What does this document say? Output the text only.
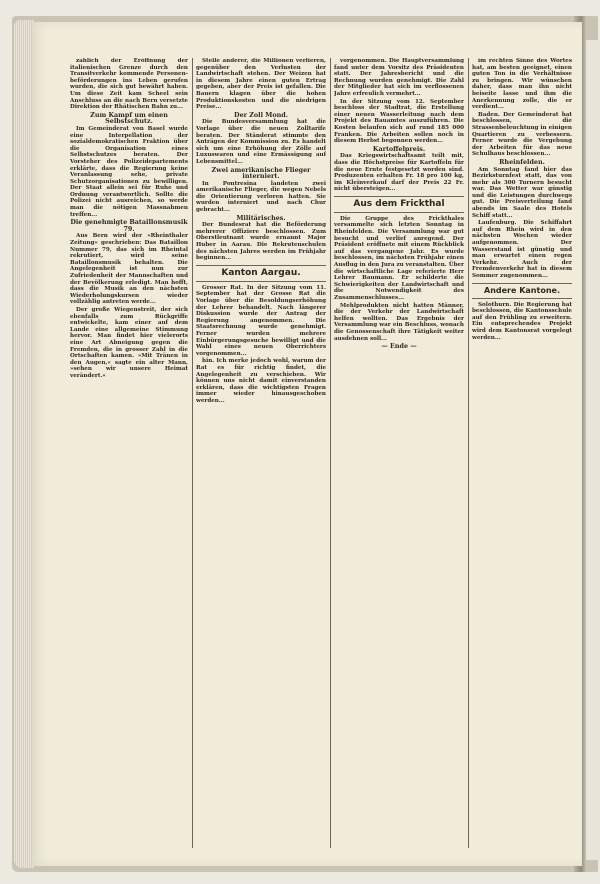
zahlich der Eröffnung der italienischen Grenze durch den Transitverkehr kommende Personen-beförderungen ins Leben gerufen wurden, die sich gut bewährt haben. Um diese Zeit kam Scheel sein Anschluss an die nach Bern versetzte Direktion der Rhätischen Bahn zu...

Zum Kampf um einen Selbstschutz.

Im Gemeinderat von Basel wurde eine Interpellation der sozialdemokratischen Fraktion über die Organisation eines Selbstschutzes beraten. Der Vorsteher des Polizeidepartements erklärte, dass die Regierung keine Veranlassung sehe, private Schutzorganisationen zu bewilligen. Der Staat allein sei für Ruhe und Ordnung verantwortlich. Sollte die Polizei nicht ausreichen, so werde man die nötigen Massnahmen treffen...

Die genehmigte Bataillonsmusik 79.

Aus Bern wird der »Rheinthaler Zeitung« geschrieben: Das Bataillon Nummer 79, das sich im Rheintal rekrutiert, wird seine Bataillonsmusik behalten. Die Angelegenheit ist nun zur Zufriedenheit der Mannschaften und der Bevölkerung erledigt. Man hofft, dass die Musik an den nächsten Wiederholungskursen wieder vollzählig antreten werde...

Der große Wiegenstreit, der sich ebenfalls zum Rückgriffe entwickelte, kam einer auf dem Lande eine allgemeine Stimmung hervor. Man findet hier vielerorts eine Art Abneigung gegen die Fremden, die in grosser Zahl in die Ortschaften kamen. »Mit Tränen in den Augen,« sagte ein alter Mann, »sehen wir unsere Heimat verändert.«

Stelle anderer, die Millionen verlieren, gegenüber den Verlusten der Landwirtschaft stehen. Der Weizen hat in diesem Jahre einen guten Ertrag gegeben, aber der Preis ist gefallen. Die Bauern klagen über die hohen Produktionskosten und die niedrigen Preise...

Der Zoll Mond.

Die Bundesversammlung hat die Vorlage über die neuen Zolltarife beraten. Der Ständerat stimmte den Anträgen der Kommission zu. Es handelt sich um eine Erhöhung der Zölle auf Luxuswaren und eine Ermässigung auf Lebensmittel...

Zwei amerikanische Flieger interniert.

In Pontresina landeten zwei amerikanische Flieger, die wegen Nebels die Orientierung verloren hatten. Sie wurden interniert und nach Chur gebracht...

Militärisches.

Der Bundesrat hat die Beförderung mehrerer Offiziere beschlossen. Zum Oberstleutnant wurde ernannt Major Huber in Aarau. Die Rekrutenschulen des nächsten Jahres werden im Frühjahr beginnen...

Kanton Aargau.

Grosser Rat. In der Sitzung vom 11. September hat der Grosse Rat die Vorlage über die Besoldungserhöhung der Lehrer behandelt. Nach längerer Diskussion wurde der Antrag der Regierung angenommen. Die Staatsrechnung wurde genehmigt. Ferner wurden mehrere Einbürgerungsgesuche bewilligt und die Wahl eines neuen Oberrichters vorgenommen...

hin. Ich merke jedoch wohl, warum der Rat es für richtig findet, die Angelegenheit zu verschieben. Wir können uns nicht damit einverstanden erklären, dass die wichtigsten Fragen immer wieder hinausgeschoben werden...

vorgenommen. Die Hauptversammlung fand unter dem Vorsitz des Präsidenten statt. Der Jahresbericht und die Rechnung wurden genehmigt. Die Zahl der Mitglieder hat sich im verflossenen Jahre erfreulich vermehrt...

In der Sitzung vom 12. September beschloss der Stadtrat, die Erstellung einer neuen Wasserleitung nach dem Projekt des Bauamtes auszuführen. Die Kosten belaufen sich auf rund 185 000 Franken. Die Arbeiten sollen noch in diesem Herbst begonnen werden...

Kartoffelpreis.

Das Kriegswirtschaftsamt teilt mit, dass die Höchstpreise für Kartoffeln für die neue Ernte festgesetzt worden sind. Produzenten erhalten Fr. 18 pro 100 kg, im Kleinverkauf darf der Preis 22 Fr. nicht übersteigen...

Aus dem Frickthal

Die Gruppe des Frickthales versammelte sich letzten Sonntag in Rheinfelden. Die Versammlung war gut besucht und verlief anregend. Der Präsident eröffnete mit einem Rückblick auf das vergangene Jahr. Es wurde beschlossen, im nächsten Frühjahr einen Ausflug in den Jura zu veranstalten. Über die wirtschaftliche Lage referierte Herr Lehrer Baumann. Er schilderte die Schwierigkeiten der Landwirtschaft und die Notwendigkeit des Zusammenschlusses...

Mehlprodukten nicht hatten Männer, die der Verkehr der Landwirtschaft helfen wollten. Das Ergebnis der Versammlung war ein Beschluss, wonach die Genossenschaft ihre Tätigkeit weiter ausdehnen soll...

— Ende —

im rechten Sinne des Wortes hat, am besten geeignet, einen guten Ton in die Verhältnisse zu bringen. Wir wünschen daher, dass man ihn nicht beiseite lasse und ihm die Anerkennung zolle, die er verdient...

Baden. Der Gemeinderat hat beschlossen, die Strassenbeleuchtung in einigen Quartieren zu verbessern. Ferner wurde die Vergebung der Arbeiten für das neue Schulhaus beschlossen...

Rheinfelden.

Am Sonntag fand hier das Bezirksturnfest statt, das von mehr als 300 Turnern besucht war. Das Wetter war günstig und die Leistungen durchwegs gut. Die Preisverteilung fand abends im Saale des Hotels Schiff statt...

Laufenburg. Die Schiffahrt auf dem Rhein wird in den nächsten Wochen wieder aufgenommen. Der Wasserstand ist günstig und man erwartet einen regen Verkehr. Auch der Fremdenverkehr hat in diesem Sommer zugenommen...

Andere Kantone.

Solothurn. Die Regierung hat beschlossen, die Kantonsschule auf den Frühling zu erweitern. Ein entsprechendes Projekt wird dem Kantonsrat vorgelegt werden...
